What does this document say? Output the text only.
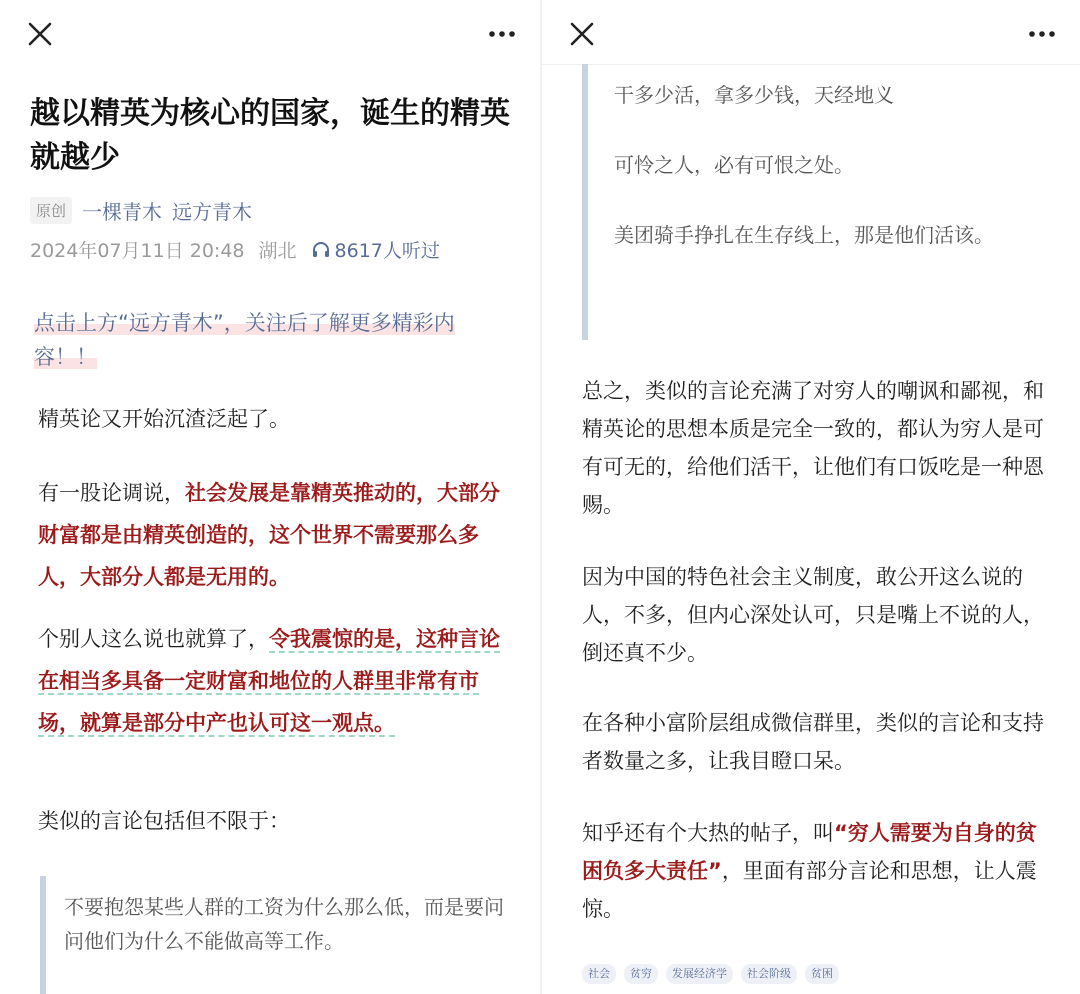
越以精英为核心的国家，诞生的精英就越少
原创 一棵青木 远方青木
2024年07月11日 20:48 湖北 8617人听过
点击上方“远方青木”，关注后了解更多精彩内容！！
精英论又开始沉渣泛起了。
有一股论调说，社会发展是靠精英推动的，大部分财富都是由精英创造的，这个世界不需要那么多人，大部分人都是无用的。
个别人这么说也就算了，令我震惊的是，这种言论在相当多具备一定财富和地位的人群里非常有市场，就算是部分中产也认可这一观点。
类似的言论包括但不限于：
不要抱怨某些人群的工资为什么那么低，而是要问问他们为什么不能做高等工作。
干多少活，拿多少钱，天经地义
可怜之人，必有可恨之处。
美团骑手挣扎在生存线上，那是他们活该。
总之，类似的言论充满了对穷人的嘲讽和鄙视，和精英论的思想本质是完全一致的，都认为穷人是可有可无的，给他们活干，让他们有口饭吃是一种恩赐。
因为中国的特色社会主义制度，敢公开这么说的人，不多，但内心深处认可，只是嘴上不说的人，倒还真不少。
在各种小富阶层组成微信群里，类似的言论和支持者数量之多，让我目瞪口呆。
知乎还有个大热的帖子，叫“穷人需要为自身的贫困负多大责任”，里面有部分言论和思想，让人震惊。
社会	贫穷	发展经济学	社会阶级	贫困
